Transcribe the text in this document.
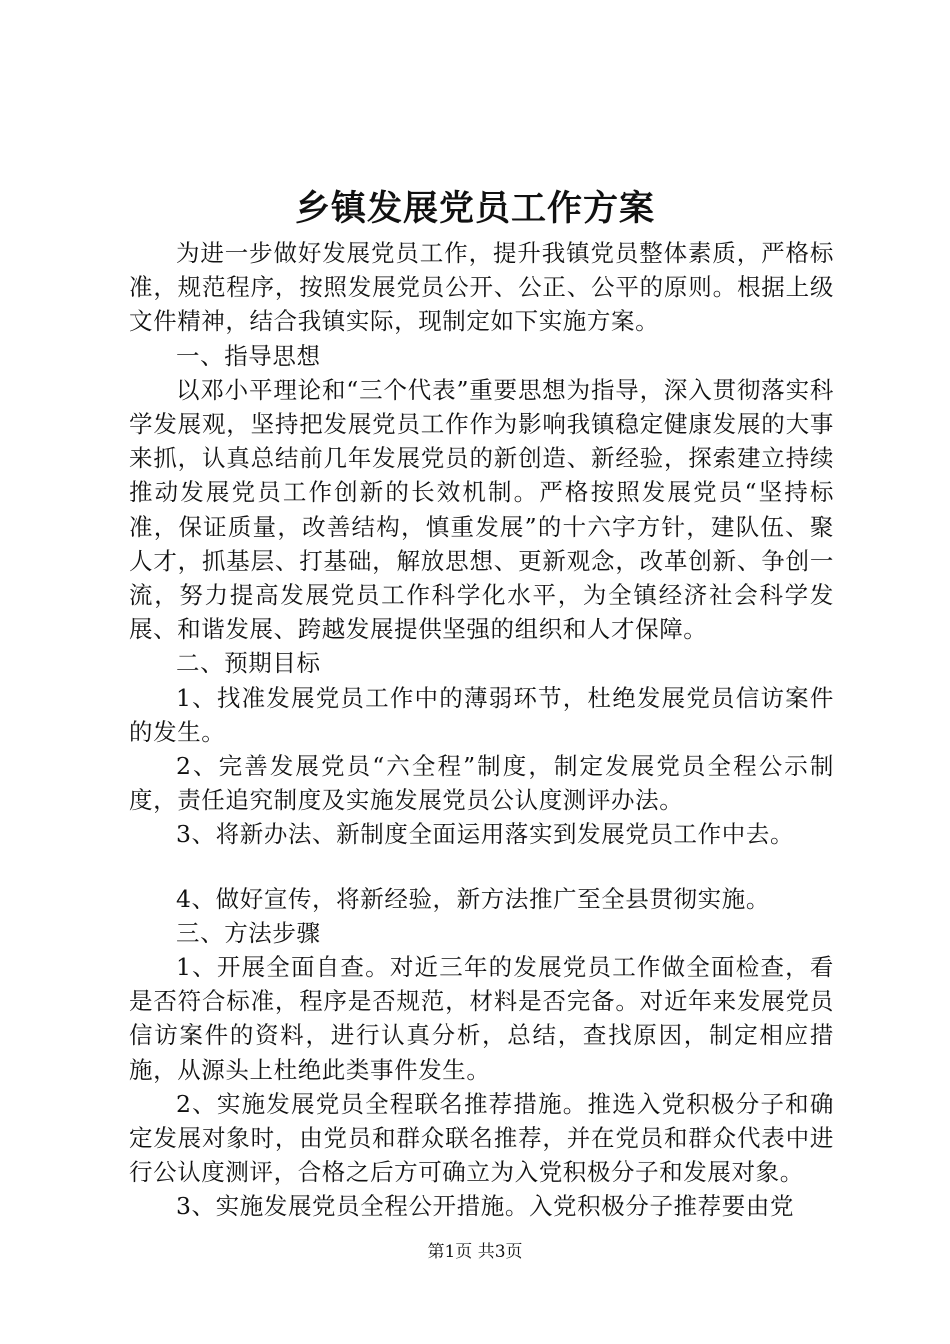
乡镇发展党员工作方案

为进一步做好发展党员工作，提升我镇党员整体素质，严格标准，规范程序，按照发展党员公开、公正、公平的原则。根据上级文件精神，结合我镇实际，现制定如下实施方案。

一、指导思想

以邓小平理论和“三个代表”重要思想为指导，深入贯彻落实科学发展观，坚持把发展党员工作作为影响我镇稳定健康发展的大事来抓，认真总结前几年发展党员的新创造、新经验，探索建立持续推动发展党员工作创新的长效机制。严格按照发展党员“坚持标准，保证质量，改善结构，慎重发展”的十六字方针，建队伍、聚人才，抓基层、打基础，解放思想、更新观念，改革创新、争创一流，努力提高发展党员工作科学化水平，为全镇经济社会科学发展、和谐发展、跨越发展提供坚强的组织和人才保障。

二、预期目标

1、找准发展党员工作中的薄弱环节，杜绝发展党员信访案件的发生。

2、完善发展党员“六全程”制度，制定发展党员全程公示制度，责任追究制度及实施发展党员公认度测评办法。

3、将新办法、新制度全面运用落实到发展党员工作中去。

4、做好宣传，将新经验，新方法推广至全县贯彻实施。

三、方法步骤

1、开展全面自查。对近三年的发展党员工作做全面检查，看是否符合标准，程序是否规范，材料是否完备。对近年来发展党员信访案件的资料，进行认真分析，总结，查找原因，制定相应措施，从源头上杜绝此类事件发生。

2、实施发展党员全程联名推荐措施。推选入党积极分子和确定发展对象时，由党员和群众联名推荐，并在党员和群众代表中进行公认度测评，合格之后方可确立为入党积极分子和发展对象。

3、实施发展党员全程公开措施。入党积极分子推荐要由党

第1页 共3页
